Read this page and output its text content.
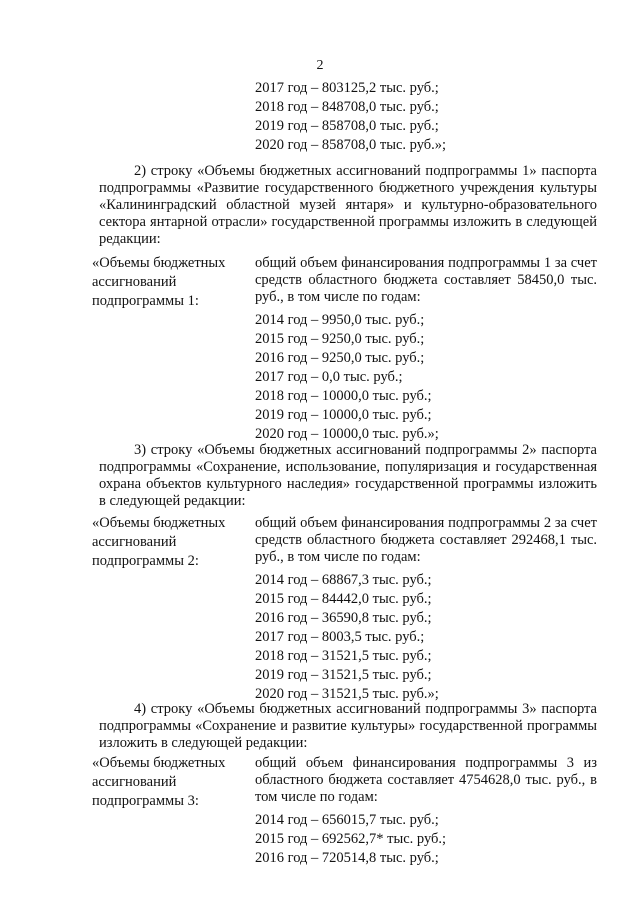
2
2017 год – 803125,2 тыс. руб.;
2018 год – 848708,0 тыс. руб.;
2019 год – 858708,0 тыс. руб.;
2020 год – 858708,0 тыс. руб.»;

2) строку «Объемы бюджетных ассигнований подпрограммы 1» паспорта подпрограммы «Развитие государственного бюджетного учреждения культуры «Калининградский областной музей янтаря» и культурно-образовательного сектора янтарной отрасли» государственной программы изложить в следующей редакции:

«Объемы бюджетных
ассигнований
подпрограммы 1:

общий объем финансирования подпрограммы 1 за счет средств областного бюджета составляет 58450,0 тыс. руб., в том числе по годам:

2014 год – 9950,0 тыс. руб.;
2015 год – 9250,0 тыс. руб.;
2016 год – 9250,0 тыс. руб.;
2017 год – 0,0 тыс. руб.;
2018 год – 10000,0 тыс. руб.;
2019 год – 10000,0 тыс. руб.;
2020 год – 10000,0 тыс. руб.»;

3) строку «Объемы бюджетных ассигнований подпрограммы 2» паспорта подпрограммы «Сохранение, использование, популяризация и государственная охрана объектов культурного наследия» государственной программы изложить в следующей редакции:

«Объемы бюджетных
ассигнований
подпрограммы 2:

общий объем финансирования подпрограммы 2 за счет средств областного бюджета составляет 292468,1 тыс. руб., в том числе по годам:

2014 год – 68867,3 тыс. руб.;
2015 год – 84442,0 тыс. руб.;
2016 год – 36590,8 тыс. руб.;
2017 год – 8003,5 тыс. руб.;
2018 год – 31521,5 тыс. руб.;
2019 год – 31521,5 тыс. руб.;
2020 год – 31521,5 тыс. руб.»;

4) строку «Объемы бюджетных ассигнований подпрограммы 3» паспорта подпрограммы «Сохранение и развитие культуры» государственной программы изложить в следующей редакции:

«Объемы бюджетных
ассигнований
подпрограммы 3:

общий объем финансирования подпрограммы 3 из областного бюджета составляет 4754628,0 тыс. руб., в том числе по годам:

2014 год – 656015,7 тыс. руб.;
2015 год – 692562,7* тыс. руб.;
2016 год – 720514,8 тыс. руб.;
